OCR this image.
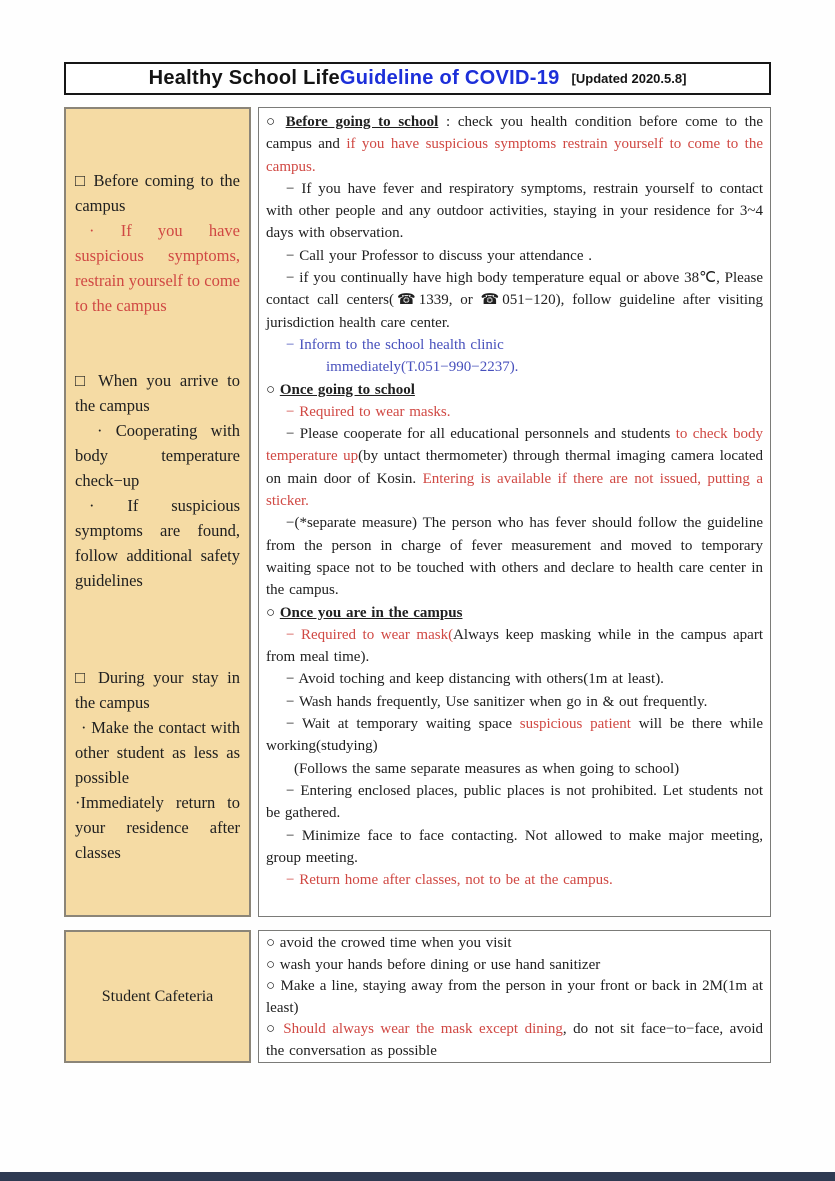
Healthy School Life Guideline of COVID-19 [Updated 2020.5.8]
□ Before coming to the campus
· If you have suspicious symptoms, restrain yourself to come to the campus
□ When you arrive to the campus
· Cooperating with body temperature check−up
· If suspicious symptoms are found, follow additional safety guidelines
□ During your stay in the campus
· Make the contact with other student as less as possible
·Immediately return to your residence after classes
○ Before going to school : check you health condition before come to the campus and if you have suspicious symptoms restrain yourself to come to the campus.
− If you have fever and respiratory symptoms, restrain yourself to contact with other people and any outdoor activities, staying in your residence for 3~4 days with observation.
− Call your Professor to discuss your attendance .
− if you continually have high body temperature equal or above 38℃, Please contact call centers(☎1339, or ☎051−120), follow guideline after visiting jurisdiction health care center.
− Inform to the school health clinic
immediately(T.051−990−2237).
○ Once going to school
− Required to wear masks.
− Please cooperate for all educational personnels and students to check body temperature up(by untact thermometer) through thermal imaging camera located on main door of Kosin. Entering is available if there are not issued, putting a sticker.
−(*separate measure) The person who has fever should follow the guideline from the person in charge of fever measurement and moved to temporary waiting space not to be touched with others and declare to health care center in the campus.
○ Once you are in the campus
− Required to wear mask(Always keep masking while in the campus apart from meal time).
− Avoid toching and keep distancing with others(1m at least).
− Wash hands frequently, Use sanitizer when go in & out frequently.
− Wait at temporary waiting space suspicious patient will be there while working(studying)
(Follows the same separate measures as when going to school)
− Entering enclosed places, public places is not prohibited. Let students not be gathered.
− Minimize face to face contacting. Not allowed to make major meeting, group meeting.
− Return home after classes, not to be at the campus.
Student Cafeteria
○ avoid the crowed time when you visit
○ wash your hands before dining or use hand sanitizer
○ Make a line, staying away from the person in your front or back in 2M(1m at least)
○ Should always wear the mask except dining, do not sit face−to−face, avoid the conversation as possible
